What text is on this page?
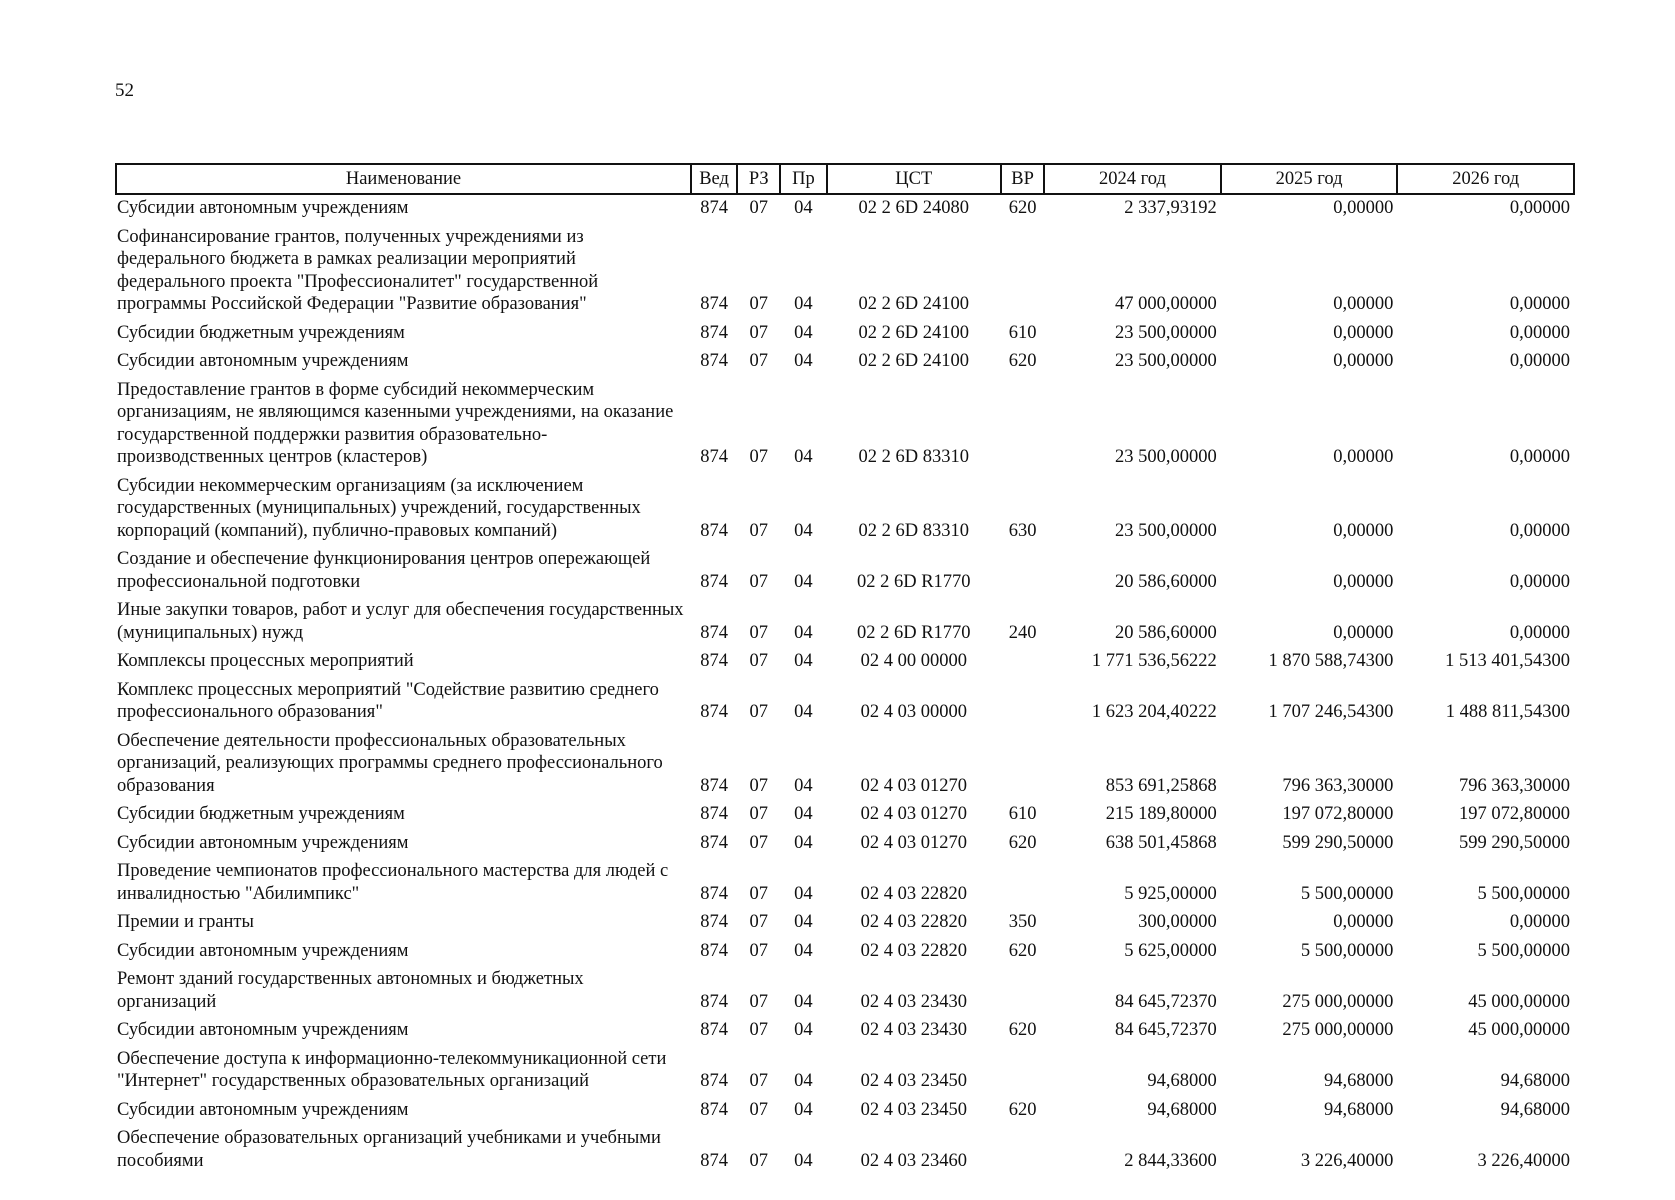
52
Наименование	Вед	РЗ	Пр	ЦСТ	ВР	2024 год	2025 год	2026 год
Субсидии автономным учреждениям	874	07	04	02 2 6D 24080	620	2 337,93192	0,00000	0,00000
Софинансирование грантов, полученных учреждениями из федерального бюджета в рамках реализации мероприятий федерального проекта "Профессионалитет" государственной программы Российской Федерации "Развитие образования"	874	07	04	02 2 6D 24100		47 000,00000	0,00000	0,00000
Субсидии бюджетным учреждениям	874	07	04	02 2 6D 24100	610	23 500,00000	0,00000	0,00000
Субсидии автономным учреждениям	874	07	04	02 2 6D 24100	620	23 500,00000	0,00000	0,00000
Предоставление грантов в форме субсидий некоммерческим организациям, не являющимся казенными учреждениями, на оказание государственной поддержки развития образовательно-производственных центров (кластеров)	874	07	04	02 2 6D 83310		23 500,00000	0,00000	0,00000
Субсидии некоммерческим организациям (за исключением государственных (муниципальных) учреждений, государственных корпораций (компаний), публично-правовых компаний)	874	07	04	02 2 6D 83310	630	23 500,00000	0,00000	0,00000
Создание и обеспечение функционирования центров опережающей профессиональной подготовки	874	07	04	02 2 6D R1770		20 586,60000	0,00000	0,00000
Иные закупки товаров, работ и услуг для обеспечения государственных (муниципальных) нужд	874	07	04	02 2 6D R1770	240	20 586,60000	0,00000	0,00000
Комплексы процессных мероприятий	874	07	04	02 4 00 00000		1 771 536,56222	1 870 588,74300	1 513 401,54300
Комплекс процессных мероприятий "Содействие развитию среднего профессионального образования"	874	07	04	02 4 03 00000		1 623 204,40222	1 707 246,54300	1 488 811,54300
Обеспечение деятельности профессиональных образовательных организаций, реализующих программы среднего профессионального образования	874	07	04	02 4 03 01270		853 691,25868	796 363,30000	796 363,30000
Субсидии бюджетным учреждениям	874	07	04	02 4 03 01270	610	215 189,80000	197 072,80000	197 072,80000
Субсидии автономным учреждениям	874	07	04	02 4 03 01270	620	638 501,45868	599 290,50000	599 290,50000
Проведение чемпионатов профессионального мастерства для людей с инвалидностью "Абилимпикс"	874	07	04	02 4 03 22820		5 925,00000	5 500,00000	5 500,00000
Премии и гранты	874	07	04	02 4 03 22820	350	300,00000	0,00000	0,00000
Субсидии автономным учреждениям	874	07	04	02 4 03 22820	620	5 625,00000	5 500,00000	5 500,00000
Ремонт зданий государственных автономных и бюджетных организаций	874	07	04	02 4 03 23430		84 645,72370	275 000,00000	45 000,00000
Субсидии автономным учреждениям	874	07	04	02 4 03 23430	620	84 645,72370	275 000,00000	45 000,00000
Обеспечение доступа к информационно-телекоммуникационной сети "Интернет" государственных образовательных организаций	874	07	04	02 4 03 23450		94,68000	94,68000	94,68000
Субсидии автономным учреждениям	874	07	04	02 4 03 23450	620	94,68000	94,68000	94,68000
Обеспечение образовательных организаций учебниками и учебными пособиями	874	07	04	02 4 03 23460		2 844,33600	3 226,40000	3 226,40000
